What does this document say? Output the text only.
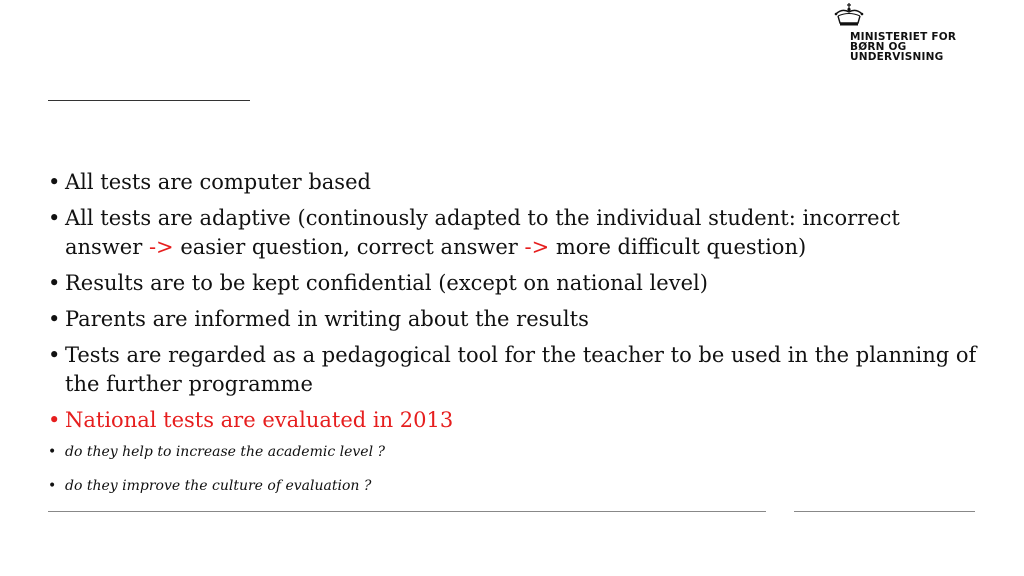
MINISTERIET FOR
BØRN OG
UNDERVISNING
• All tests are computer based
• All tests are adaptive (continously adapted to the individual student: incorrect answer -> easier question, correct answer -> more difficult question)
• Results are to be kept confidential (except on national level)
• Parents are informed in writing about the results
• Tests are regarded as a pedagogical tool for the teacher to be used in the planning of the further programme
• National tests are evaluated in 2013
• do they help to increase the academic level ?
• do they improve the culture of evaluation ?
